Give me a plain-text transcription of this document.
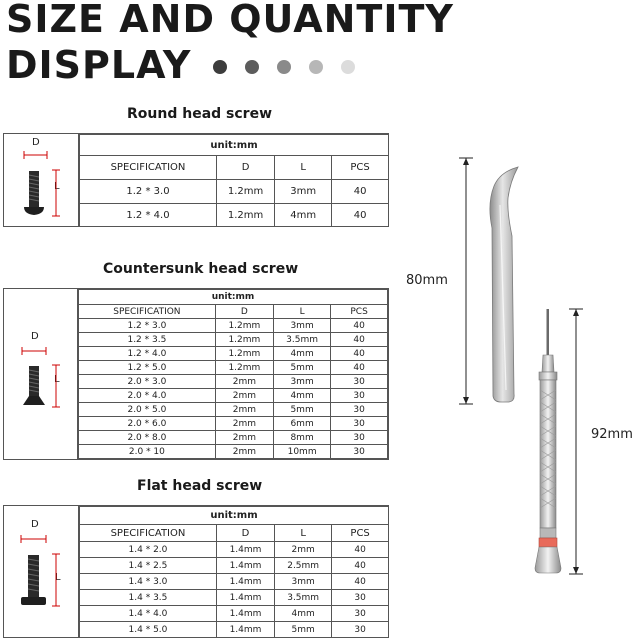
SIZE AND QUANTITY
DISPLAY
Round head screw
D
L
unit:mm			
SPECIFICATION	D	L	PCS
1.2 * 3.0	1.2mm	3mm	40
1.2 * 4.0	1.2mm	4mm	40
Countersunk head screw
D
L
unit:mm			
SPECIFICATION	D	L	PCS
1.2 * 3.0	1.2mm	3mm	40
1.2 * 3.5	1.2mm	3.5mm	40
1.2 * 4.0	1.2mm	4mm	40
1.2 * 5.0	1.2mm	5mm	40
2.0 * 3.0	2mm	3mm	30
2.0 * 4.0	2mm	4mm	30
2.0 * 5.0	2mm	5mm	30
2.0 * 6.0	2mm	6mm	30
2.0 * 8.0	2mm	8mm	30
2.0 * 10	2mm	10mm	30
Flat head screw
D
L
unit:mm			
SPECIFICATION	D	L	PCS
1.4 * 2.0	1.4mm	2mm	40
1.4 * 2.5	1.4mm	2.5mm	40
1.4 * 3.0	1.4mm	3mm	40
1.4 * 3.5	1.4mm	3.5mm	30
1.4 * 4.0	1.4mm	4mm	30
1.4 * 5.0	1.4mm	5mm	30
80mm
92mm
